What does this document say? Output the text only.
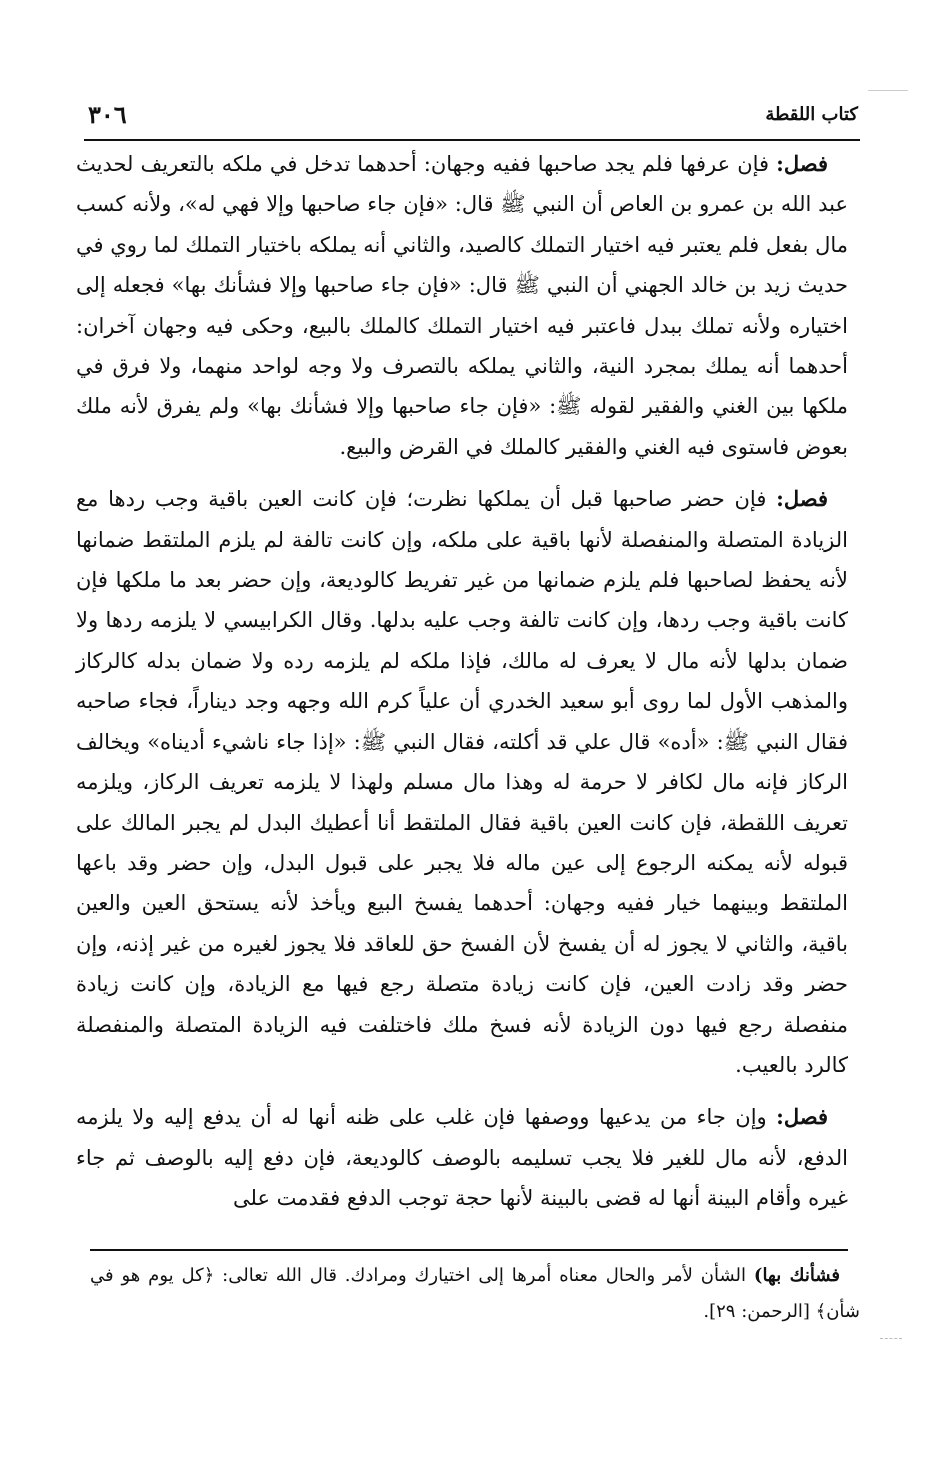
٣٠٦	كتاب اللقطة

فصل: فإن عرفها فلم يجد صاحبها ففيه وجهان: أحدهما تدخل في ملكه بالتعريف لحديث عبد الله بن عمرو بن العاص أن النبي ﷺ قال: «فإن جاء صاحبها وإلا فهي له»، ولأنه كسب مال بفعل فلم يعتبر فيه اختيار التملك كالصيد، والثاني أنه يملكه باختيار التملك لما روي في حديث زيد بن خالد الجهني أن النبي ﷺ قال: «فإن جاء صاحبها وإلا فشأنك بها» فجعله إلى اختياره ولأنه تملك ببدل فاعتبر فيه اختيار التملك كالملك بالبيع، وحكى فيه وجهان آخران: أحدهما أنه يملك بمجرد النية، والثاني يملكه بالتصرف ولا وجه لواحد منهما، ولا فرق في ملكها بين الغني والفقير لقوله ﷺ: «فإن جاء صاحبها وإلا فشأنك بها» ولم يفرق لأنه ملك بعوض فاستوى فيه الغني والفقير كالملك في القرض والبيع.

فصل: فإن حضر صاحبها قبل أن يملكها نظرت؛ فإن كانت العين باقية وجب ردها مع الزيادة المتصلة والمنفصلة لأنها باقية على ملكه، وإن كانت تالفة لم يلزم الملتقط ضمانها لأنه يحفظ لصاحبها فلم يلزم ضمانها من غير تفريط كالوديعة، وإن حضر بعد ما ملكها فإن كانت باقية وجب ردها، وإن كانت تالفة وجب عليه بدلها. وقال الكرابيسي لا يلزمه ردها ولا ضمان بدلها لأنه مال لا يعرف له مالك، فإذا ملكه لم يلزمه رده ولا ضمان بدله كالركاز والمذهب الأول لما روى أبو سعيد الخدري أن علياً كرم الله وجهه وجد ديناراً، فجاء صاحبه فقال النبي ﷺ: «أده» قال علي قد أكلته، فقال النبي ﷺ: «إذا جاء ناشيء أديناه» ويخالف الركاز فإنه مال لكافر لا حرمة له وهذا مال مسلم ولهذا لا يلزمه تعريف الركاز، ويلزمه تعريف اللقطة، فإن كانت العين باقية فقال الملتقط أنا أعطيك البدل لم يجبر المالك على قبوله لأنه يمكنه الرجوع إلى عين ماله فلا يجبر على قبول البدل، وإن حضر وقد باعها الملتقط وبينهما خيار ففيه وجهان: أحدهما يفسخ البيع ويأخذ لأنه يستحق العين والعين باقية، والثاني لا يجوز له أن يفسخ لأن الفسخ حق للعاقد فلا يجوز لغيره من غير إذنه، وإن حضر وقد زادت العين، فإن كانت زيادة متصلة رجع فيها مع الزيادة، وإن كانت زيادة منفصلة رجع فيها دون الزيادة لأنه فسخ ملك فاختلفت فيه الزيادة المتصلة والمنفصلة كالرد بالعيب.

فصل: وإن جاء من يدعيها ووصفها فإن غلب على ظنه أنها له أن يدفع إليه ولا يلزمه الدفع، لأنه مال للغير فلا يجب تسليمه بالوصف كالوديعة، فإن دفع إليه بالوصف ثم جاء غيره وأقام البينة أنها له قضى بالبينة لأنها حجة توجب الدفع فقدمت على

فشأنك بها) الشأن لأمر والحال معناه أمرها إلى اختيارك ومرادك. قال الله تعالى: ﴿كل يوم هو في شأن﴾ [الرحمن: ٢٩].
